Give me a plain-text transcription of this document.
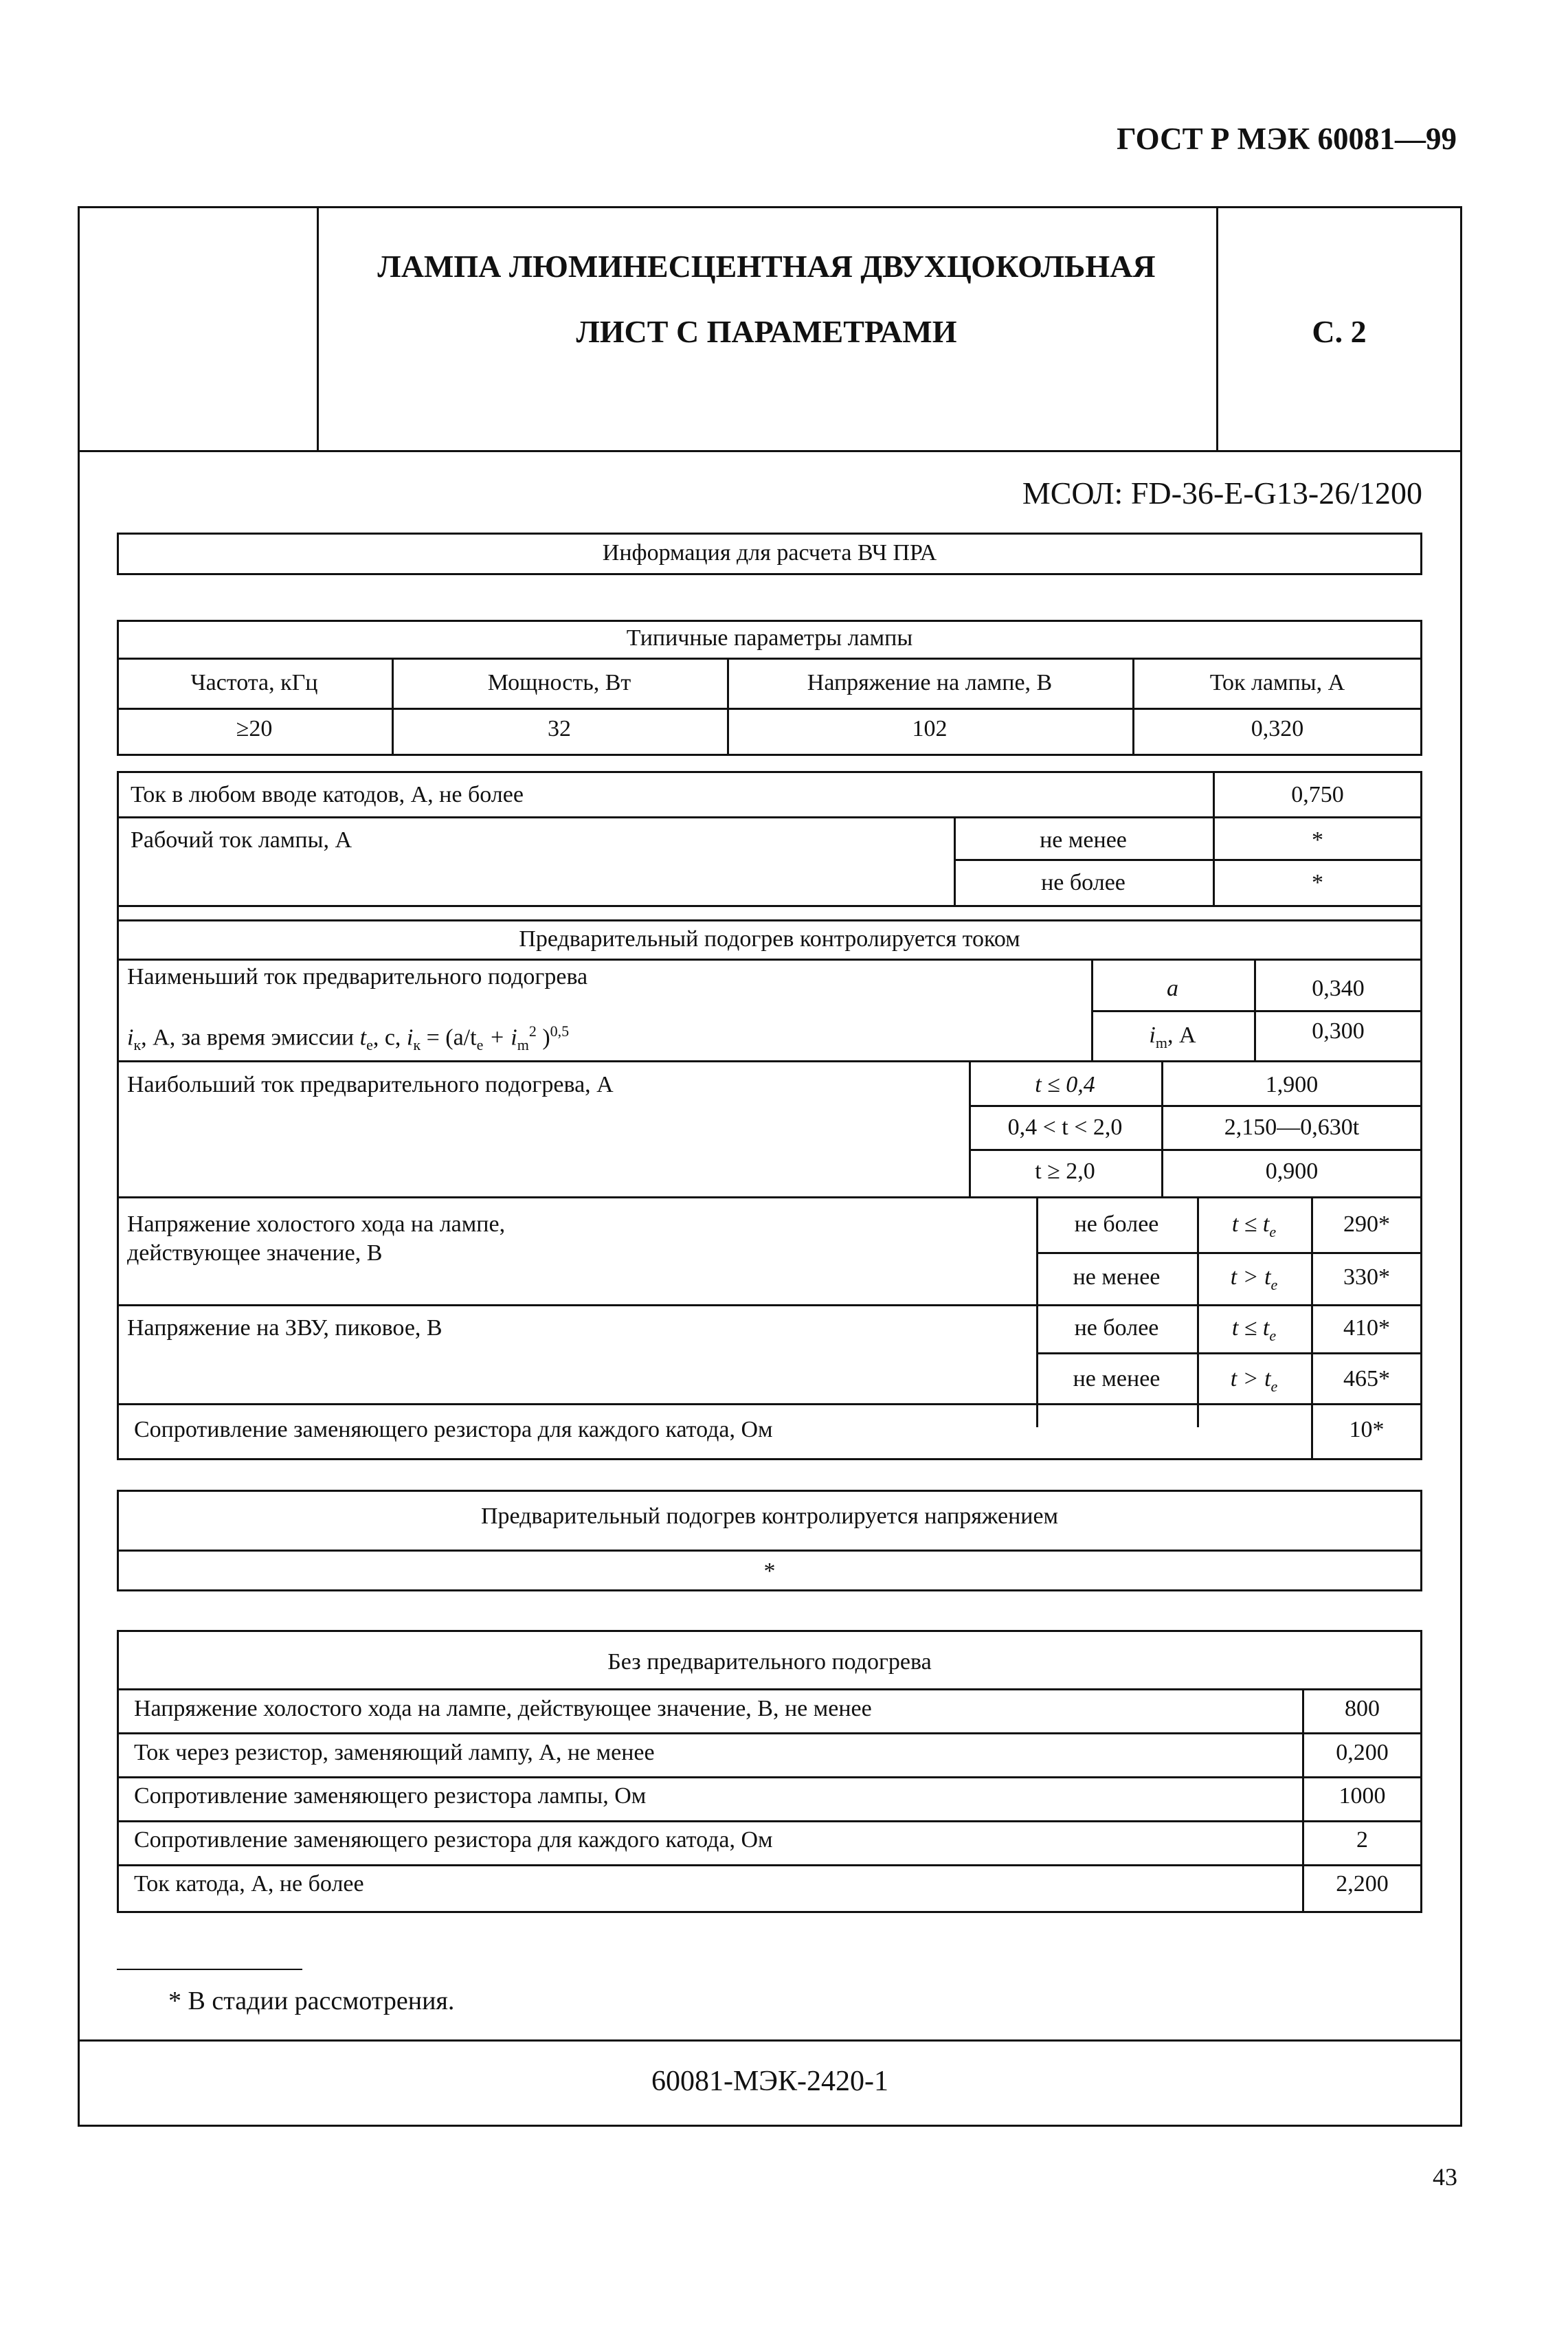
ГОСТ Р МЭК 60081—99
ЛАМПА ЛЮМИНЕСЦЕНТНАЯ ДВУХЦОКОЛЬНАЯ
ЛИСТ С ПАРАМЕТРАМИ	С. 2
МСОЛ: FD-36-E-G13-26/1200
Информация для расчета ВЧ ПРА
Типичные параметры лампы
Частота, кГц	Мощность, Вт	Напряжение на лампе, В	Ток лампы, А
≥20	32	102	0,320
Ток в любом вводе катодов, А, не более	0,750
Рабочий ток лампы, А	не менее	*
не более	*
Предварительный подогрев контролируется током
Наименьший ток предварительного подогрева
$i_к$, А, за время эмиссии $t_е$, с, $i_к = (a/t_е + i_m^2$ )$^{0,5}$
a	0,340
$i_m$, А	0,300
Наибольший ток предварительного подогрева, А	t ≤ 0,4	1,900
0,4 < t < 2,0	2,150—0,630t
t ≥ 2,0	0,900
Напряжение холостого хода на лампе,
действующее значение, В
не более	$t \le t_е$	290*
не менее	$t > t_е$	330*
Напряжение на ЗВУ, пиковое, В	не более	$t \le t_е$	410*
не менее	$t > t_е$	465*
Сопротивление заменяющего резистора для каждого катода, Ом	10*
Предварительный подогрев контролируется напряжением
*
Без предварительного подогрева
Напряжение холостого хода на лампе, действующее значение, В, не менее	800
Ток через резистор, заменяющий лампу, А, не менее	0,200
Сопротивление заменяющего резистора лампы, Ом	1000
Сопротивление заменяющего резистора для каждого катода, Ом	2
Ток катода, А, не более	2,200
* В стадии рассмотрения.
60081-МЭК-2420-1
43
